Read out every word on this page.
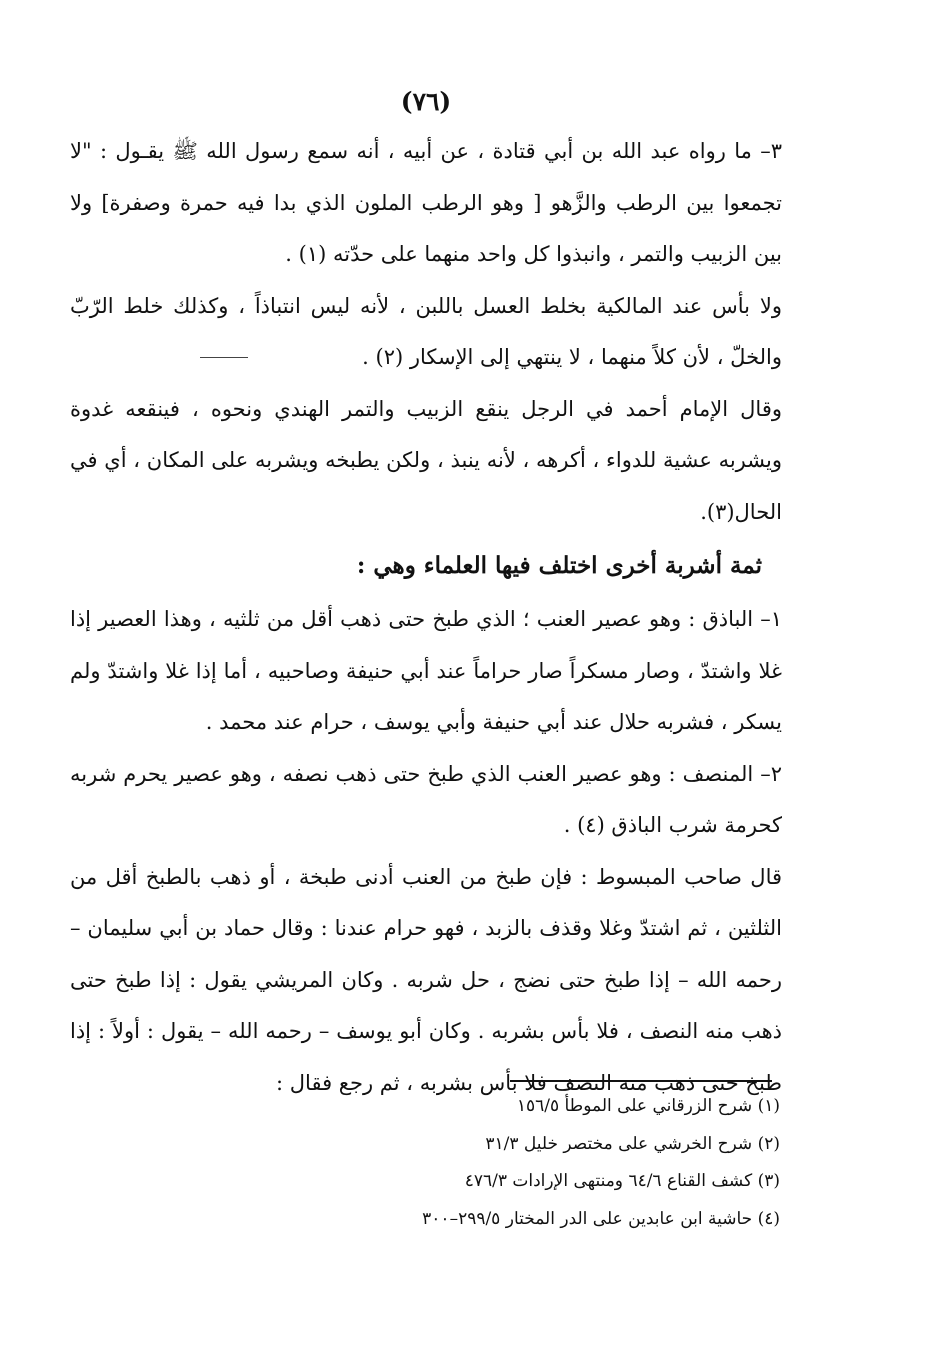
(٧٦)

٣– ما رواه عبد الله بن أبي قتادة ، عن أبيه ، أنه سمع رسول الله ﷺ يقـول : "لا تجمعوا بين الرطب والزَّهو [ وهو الرطب الملون الذي بدا فيه حمرة وصفرة] ولا بين الزبيب والتمر ، وانبذوا كل واحد منهما على حدّته (١) .

ولا بأس عند المالكية بخلط العسل باللبن ، لأنه ليس انتباذاً ، وكذلك خلط الرّبّ والخلّ ، لأن كلاً منهما ، لا ينتهي إلى الإسكار (٢) .

وقال الإمام أحمد في الرجل ينقع الزبيب والتمر الهندي ونحوه ، فينقعه غدوة ويشربه عشية للدواء ، أكرهه ، لأنه ينبذ ، ولكن يطبخه ويشربه على المكان ، أي في الحال(٣).

ثمة أشربة أخرى اختلف فيها العلماء وهي :

١– الباذق : وهو عصير العنب ؛ الذي طبخ حتى ذهب أقل من ثلثيه ، وهذا العصير إذا غلا واشتدّ ، وصار مسكراً صار حراماً عند أبي حنيفة وصاحبيه ، أما إذا غلا واشتدّ ولم يسكر ، فشربه حلال عند أبي حنيفة وأبي يوسف ، حرام عند محمد .

٢– المنصف : وهو عصير العنب الذي طبخ حتى ذهب نصفه ، وهو عصير يحرم شربه كحرمة شرب الباذق (٤) .

قال صاحب المبسوط : فإن طبخ من العنب أدنى طبخة ، أو ذهب بالطبخ أقل من الثلثين ، ثم اشتدّ وغلا وقذف بالزبد ، فهو حرام عندنا : وقال حماد بن أبي سليمان – رحمه الله – إذا طبخ حتى نضج ، حل شربه . وكان المريشي يقول : إذا طبخ حتى ذهب منه النصف ، فلا بأس بشربه . وكان أبو يوسف – رحمه الله – يقول : أولاً : إذا طبخ حتى ذهب منه النصف فلا بأس بشربه ، ثم رجع فقال :

(١) شرح الزرقاني على الموطأ ١٥٦/٥

(٢) شرح الخرشي على مختصر خليل ٣١/٣

(٣) كشف القناع ٦٤/٦ ومنتهى الإرادات ٤٧٦/٣

(٤) حاشية ابن عابدين على الدر المختار ٢٩٩/٥–٣٠٠
